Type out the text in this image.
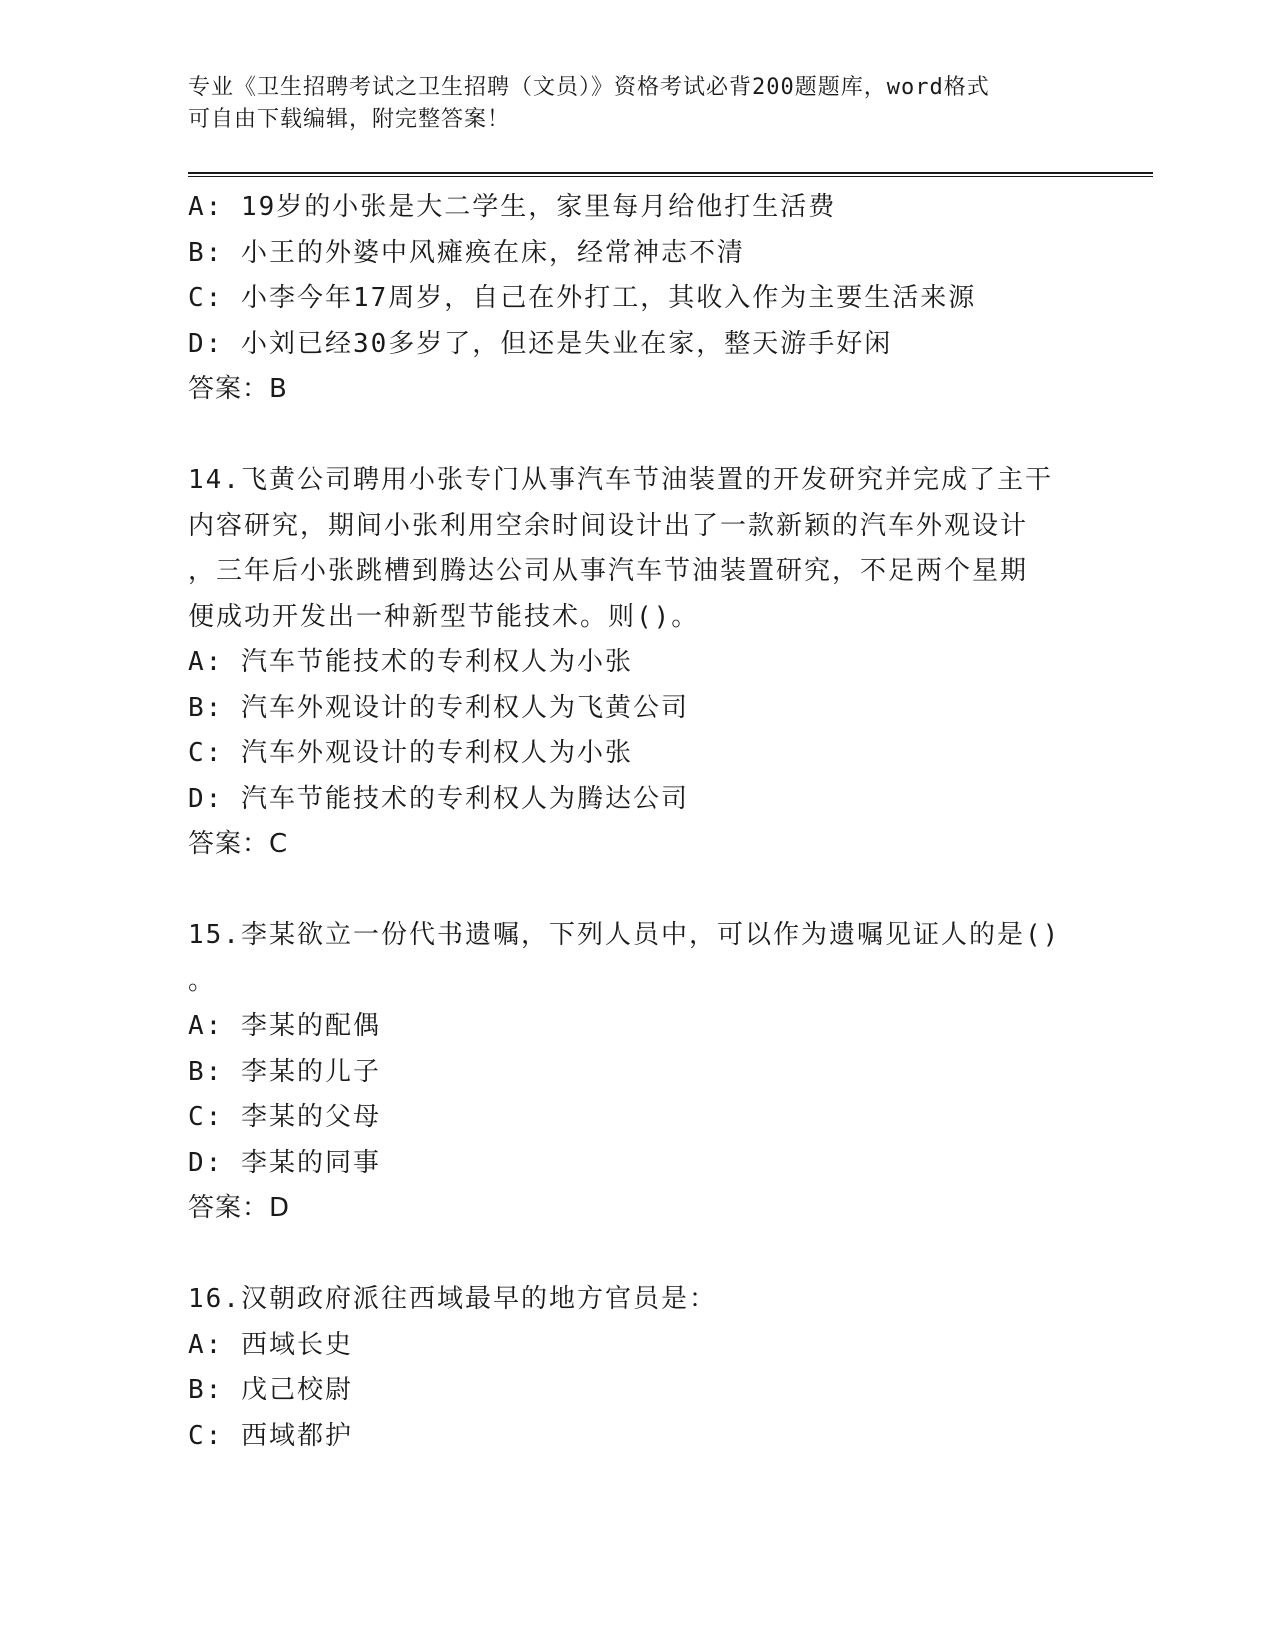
专业《卫生招聘考试之卫生招聘（文员）》资格考试必背200题题库，word格式
可自由下载编辑，附完整答案！
A: 19岁的小张是大二学生，家里每月给他打生活费
B: 小王的外婆中风瘫痪在床，经常神志不清
C: 小李今年17周岁，自己在外打工，其收入作为主要生活来源
D: 小刘已经30多岁了，但还是失业在家，整天游手好闲
答案：B
14.飞黄公司聘用小张专门从事汽车节油装置的开发研究并完成了主干
内容研究，期间小张利用空余时间设计出了一款新颖的汽车外观设计
，三年后小张跳槽到腾达公司从事汽车节油装置研究，不足两个星期
便成功开发出一种新型节能技术。则()。
A: 汽车节能技术的专利权人为小张
B: 汽车外观设计的专利权人为飞黄公司
C: 汽车外观设计的专利权人为小张
D: 汽车节能技术的专利权人为腾达公司
答案：C
15.李某欲立一份代书遗嘱，下列人员中，可以作为遗嘱见证人的是()
。
A: 李某的配偶
B: 李某的儿子
C: 李某的父母
D: 李某的同事
答案：D
16.汉朝政府派往西域最早的地方官员是：
A: 西域长史
B: 戊己校尉
C: 西域都护
